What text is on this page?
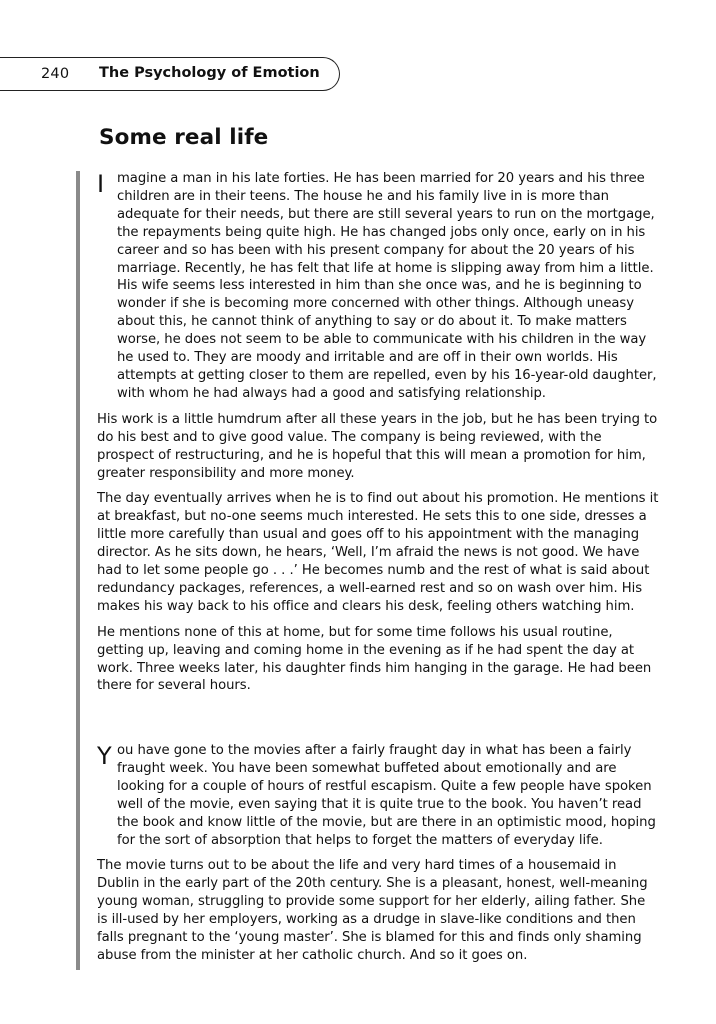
240 The Psychology of Emotion
Some real life

I magine a man in his late forties. He has been married for 20 years and his three children are in their teens. The house he and his family live in is more than adequate for their needs, but there are still several years to run on the mortgage, the repayments being quite high. He has changed jobs only once, early on in his career and so has been with his present company for about the 20 years of his marriage. Recently, he has felt that life at home is slipping away from him a little. His wife seems less interested in him than she once was, and he is beginning to wonder if she is becoming more concerned with other things. Although uneasy about this, he cannot think of anything to say or do about it. To make matters worse, he does not seem to be able to communicate with his children in the way he used to. They are moody and irritable and are off in their own worlds. His attempts at getting closer to them are repelled, even by his 16-year-old daughter, with whom he had always had a good and satisfying relationship.

His work is a little humdrum after all these years in the job, but he has been trying to do his best and to give good value. The company is being reviewed, with the prospect of restructuring, and he is hopeful that this will mean a promotion for him, greater responsibility and more money.

The day eventually arrives when he is to find out about his promotion. He mentions it at breakfast, but no-one seems much interested. He sets this to one side, dresses a little more carefully than usual and goes off to his appointment with the managing director. As he sits down, he hears, ‘Well, I’m afraid the news is not good. We have had to let some people go . . .’ He becomes numb and the rest of what is said about redundancy packages, references, a well-earned rest and so on wash over him. His makes his way back to his office and clears his desk, feeling others watching him.

He mentions none of this at home, but for some time follows his usual routine, getting up, leaving and coming home in the evening as if he had spent the day at work. Three weeks later, his daughter finds him hanging in the garage. He had been there for several hours.

Y ou have gone to the movies after a fairly fraught day in what has been a fairly fraught week. You have been somewhat buffeted about emotionally and are looking for a couple of hours of restful escapism. Quite a few people have spoken well of the movie, even saying that it is quite true to the book. You haven’t read the book and know little of the movie, but are there in an optimistic mood, hoping for the sort of absorption that helps to forget the matters of everyday life.

The movie turns out to be about the life and very hard times of a housemaid in Dublin in the early part of the 20th century. She is a pleasant, honest, well-meaning young woman, struggling to provide some support for her elderly, ailing father. She is ill-used by her employers, working as a drudge in slave-like conditions and then falls pregnant to the ‘young master’. She is blamed for this and finds only shaming abuse from the minister at her catholic church. And so it goes on.
